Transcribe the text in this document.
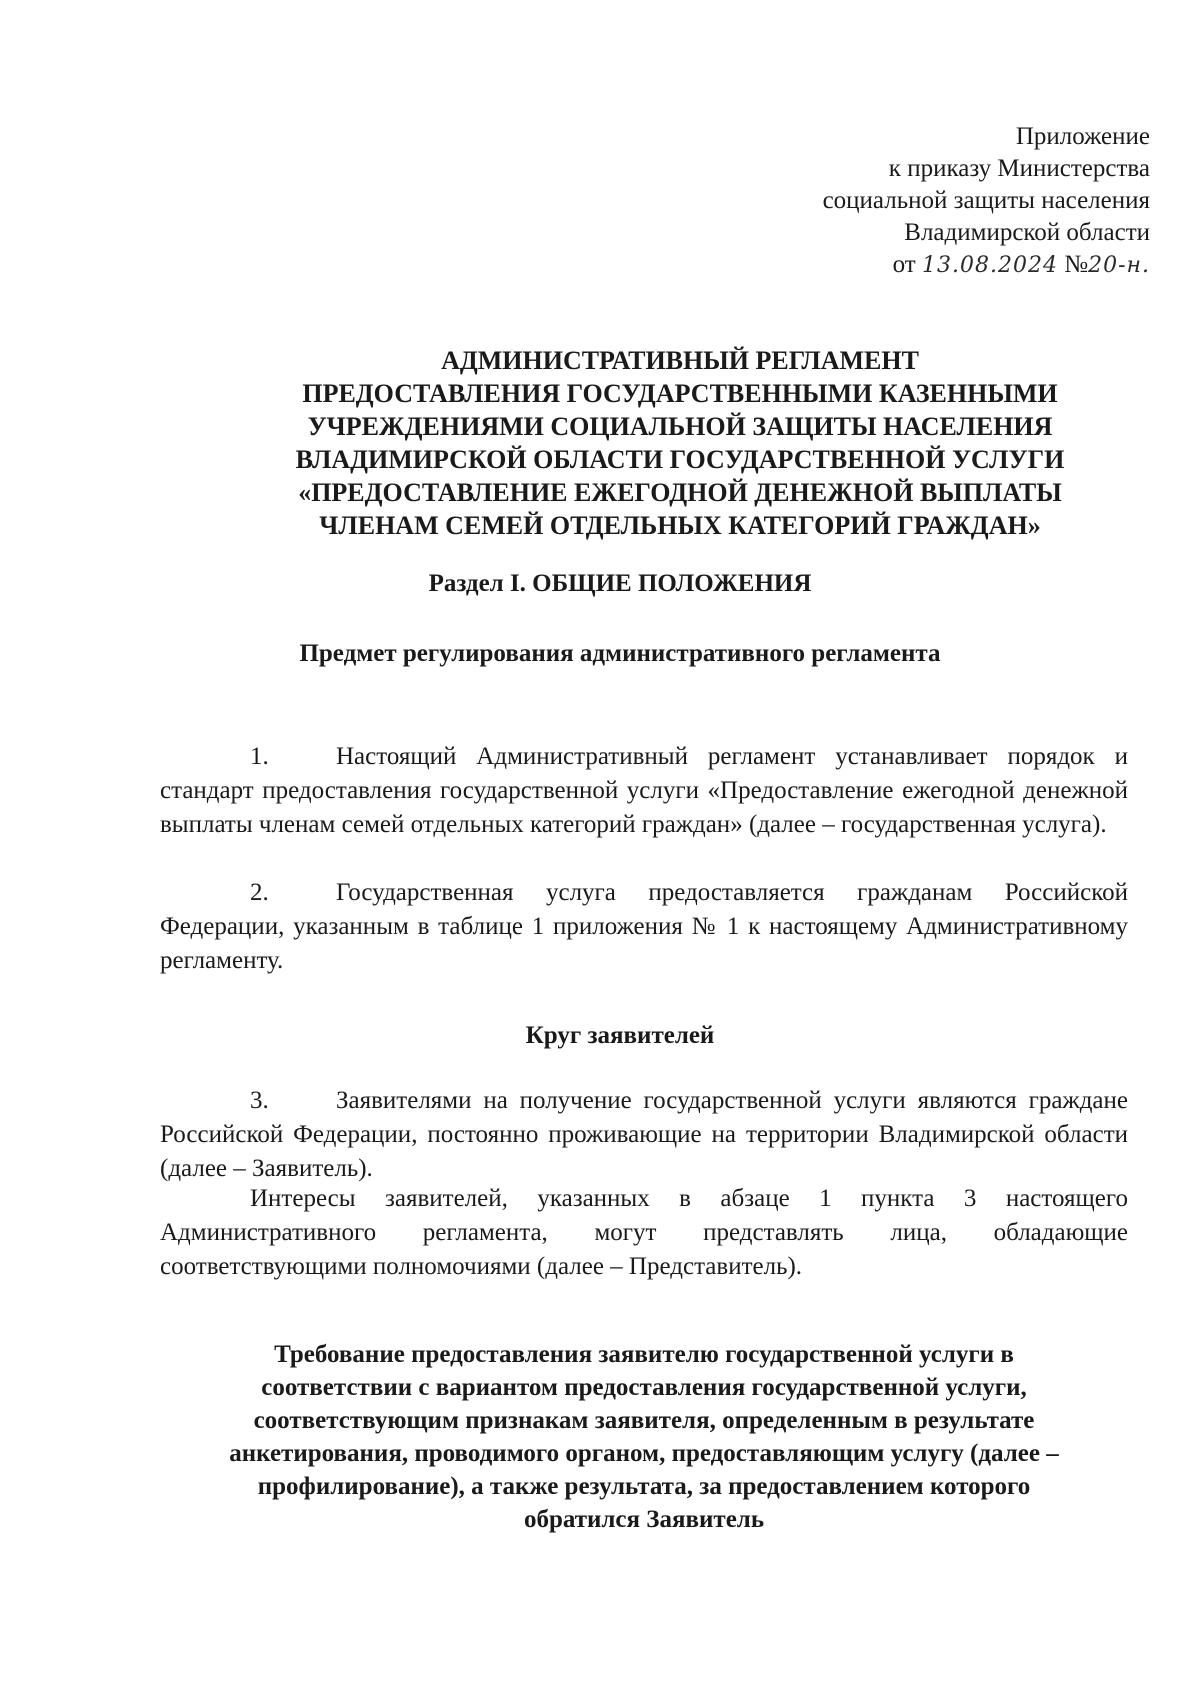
Приложение
к приказу Министерства
социальной защиты населения
Владимирской области
от 13.08.2024 №20-н.
АДМИНИСТРАТИВНЫЙ РЕГЛАМЕНТ
ПРЕДОСТАВЛЕНИЯ ГОСУДАРСТВЕННЫМИ КАЗЕННЫМИ
УЧРЕЖДЕНИЯМИ СОЦИАЛЬНОЙ ЗАЩИТЫ НАСЕЛЕНИЯ
ВЛАДИМИРСКОЙ ОБЛАСТИ ГОСУДАРСТВЕННОЙ УСЛУГИ
«ПРЕДОСТАВЛЕНИЕ ЕЖЕГОДНОЙ ДЕНЕЖНОЙ ВЫПЛАТЫ
ЧЛЕНАМ СЕМЕЙ ОТДЕЛЬНЫХ КАТЕГОРИЙ ГРАЖДАН»
Раздел I. ОБЩИЕ ПОЛОЖЕНИЯ
Предмет регулирования административного регламента
1.	Настоящий Административный регламент устанавливает порядок и стандарт предоставления государственной услуги «Предоставление ежегодной денежной выплаты членам семей отдельных категорий граждан» (далее – государственная услуга).
2.	Государственная услуга предоставляется гражданам Российской Федерации, указанным в таблице 1 приложения № 1 к настоящему Административному регламенту.
Круг заявителей
3.	Заявителями на получение государственной услуги являются граждане Российской Федерации, постоянно проживающие на территории Владимирской области (далее – Заявитель).
Интересы заявителей, указанных в абзаце 1 пункта 3 настоящего Административного регламента, могут представлять лица, обладающие соответствующими полномочиями (далее – Представитель).
Требование предоставления заявителю государственной услуги в
соответствии с вариантом предоставления государственной услуги,
соответствующим признакам заявителя, определенным в результате
анкетирования, проводимого органом, предоставляющим услугу (далее –
профилирование), а также результата, за предоставлением которого
обратился Заявитель
